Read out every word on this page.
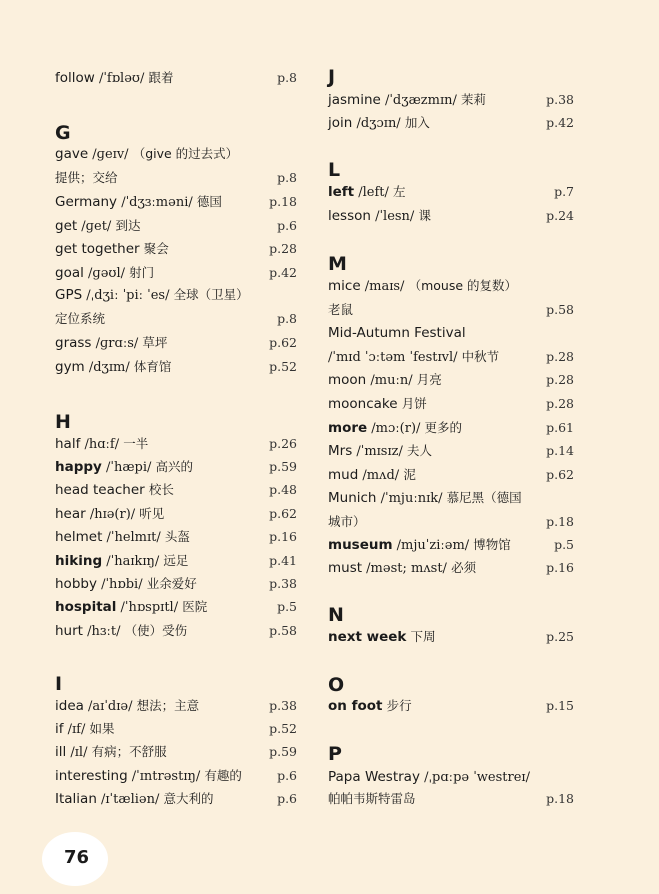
follow /ˈfɒləʊ/ 跟着	p.8
G
gave /ɡeɪv/ （give 的过去式）
提供；交给	p.8
Germany /ˈdʒɜːməni/ 德国	p.18
get /ɡet/ 到达	p.6
get together 聚会	p.28
goal /ɡəʊl/ 射门	p.42
GPS /ˌdʒiː ˈpiː ˈes/ 全球（卫星）
定位系统	p.8
grass /ɡrɑːs/ 草坪	p.62
gym /dʒɪm/ 体育馆	p.52
H
half /hɑːf/ 一半	p.26
happy /ˈhæpi/ 高兴的	p.59
head teacher 校长	p.48
hear /hɪə(r)/ 听见	p.62
helmet /ˈhelmɪt/ 头盔	p.16
hiking /ˈhaɪkɪŋ/ 远足	p.41
hobby /ˈhɒbi/ 业余爱好	p.38
hospital /ˈhɒspɪtl/ 医院	p.5
hurt /hɜːt/ （使）受伤	p.58
I
idea /aɪˈdɪə/ 想法；主意	p.38
if /ɪf/ 如果	p.52
ill /ɪl/ 有病；不舒服	p.59
interesting /ˈɪntrəstɪŋ/ 有趣的	p.6
Italian /ɪˈtæliən/ 意大利的	p.6
J
jasmine /ˈdʒæzmɪn/ 茉莉	p.38
join /dʒɔɪn/ 加入	p.42
L
left /left/ 左	p.7
lesson /ˈlesn/ 课	p.24
M
mice /maɪs/ （mouse 的复数）
老鼠	p.58
Mid-Autumn Festival
/ˈmɪd ˈɔːtəm ˈfestɪvl/ 中秋节	p.28
moon /muːn/ 月亮	p.28
mooncake 月饼	p.28
more /mɔː(r)/ 更多的	p.61
Mrs /ˈmɪsɪz/ 夫人	p.14
mud /mʌd/ 泥	p.62
Munich /ˈmjuːnɪk/ 慕尼黑（德国
城市）	p.18
museum /mjuˈziːəm/ 博物馆	p.5
must /məst; mʌst/ 必须	p.16
N
next week 下周	p.25
O
on foot 步行	p.15
P
Papa Westray /ˌpɑːpə ˈwestreɪ/
帕帕韦斯特雷岛	p.18
76
